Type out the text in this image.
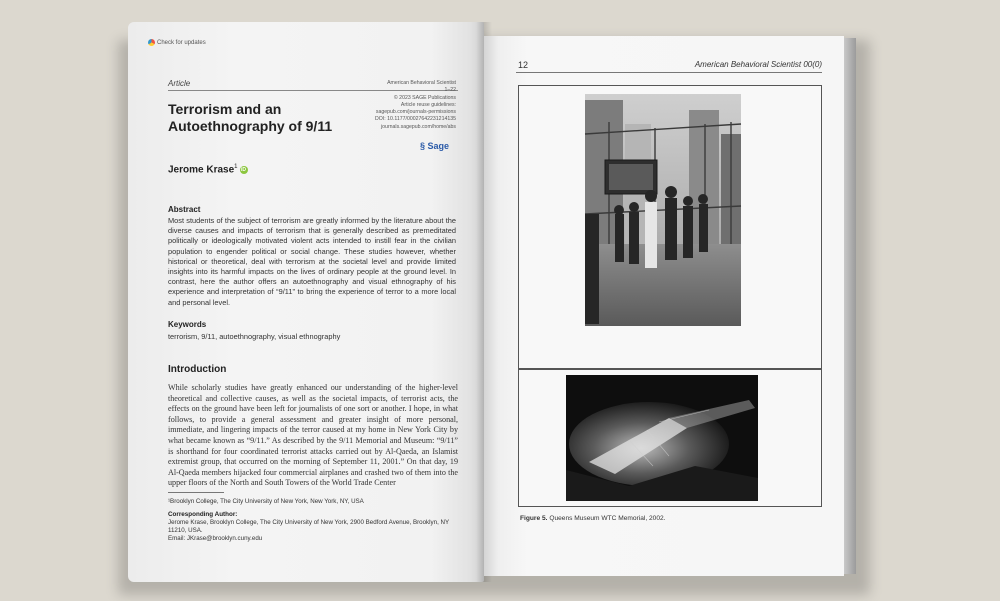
Check for updates
Article
Terrorism and an
Autoethnography of 9/11
American Behavioral Scientist
1–22
© 2023 SAGE Publications
Article reuse guidelines:
sagepub.com/journals-permissions
DOI: 10.1177/00027642231214135
journals.sagepub.com/home/abs
§ Sage
Jerome Krase$^1$ iD
Abstract
Most students of the subject of terrorism are greatly informed by the literature about the diverse causes and impacts of terrorism that is generally described as premeditated politically or ideologically motivated violent acts intended to instill fear in the civilian population to engender political or social change. These studies however, whether historical or theoretical, deal with terrorism at the societal level and provide limited insights into its harmful impacts on the lives of ordinary people at the ground level. In contrast, here the author offers an autoethnography and visual ethnography of his experience and interpretation of “9/11” to bring the experience of terror to a more local and personal level.
Keywords
terrorism, 9/11, autoethnography, visual ethnography
Introduction
While scholarly studies have greatly enhanced our understanding of the higher-level theoretical and collective causes, as well as the societal impacts, of terrorist acts, the effects on the ground have been left for journalists of one sort or another. I hope, in what follows, to provide a general assessment and greater insight of more personal, immediate, and lingering impacts of the terror caused at my home in New York City by what became known as “9/11.” As described by the 9/11 Memorial and Museum: “9/11” is shorthand for four coordinated terrorist attacks carried out by Al-Qaeda, an Islamist extremist group, that occurred on the morning of September 11, 2001.” On that day, 19 Al-Qaeda members hijacked four commercial airplanes and crashed two of them into the upper floors of the North and South Towers of the World Trade Center
¹Brooklyn College, The City University of New York, New York, NY, USA
Corresponding Author:
Jerome Krase, Brooklyn College, The City University of New York, 2900 Bedford Avenue, Brooklyn, NY 11210, USA.
Email: JKrase@brooklyn.cuny.edu
12	American Behavioral Scientist 00(0)
Figure 5. Queens Museum WTC Memorial, 2002.
